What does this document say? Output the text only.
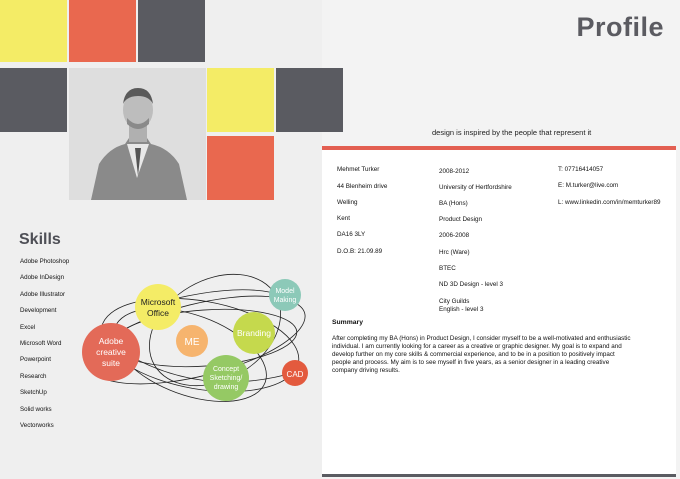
Profile
design is inspired by the people that represent it
Mehmet Turker
44 Blenheim drive
Welling
Kent
DA16 3LY
D.O.B: 21.09.89
2008-2012
University of Hertfordshire
BA (Hons)
Product Design
2006-2008
Hrc (Ware)
BTEC
ND 3D Design - level 3
City Guilds
English - level 3
T: 07716414057
E: M.turker@live.com
L: www.linkedin.com/in/memturker89
Skills
Adobe Photoshop
Adobe InDesign
Adobe Illustrator
Development
Excel
Microsoft Word
Powerpoint
Research
SketchUp
Solid works
Vectorworks
Microsoft
Office
Model
Making
Branding
Adobe
creative
suite
ME
Concept
Sketching/
drawing
CAD
Summary
After completing my BA (Hons) in Product Design, I consider myself to be a well-motivated and enthusiastic individual. I am currently looking for a career as a creative or graphic designer. My goal is to expand and develop further on my core skills & commercial experience, and to be in a position to positively impact people and process. My aim is to see myself in five years, as a senior designer in a leading creative company driving results.
